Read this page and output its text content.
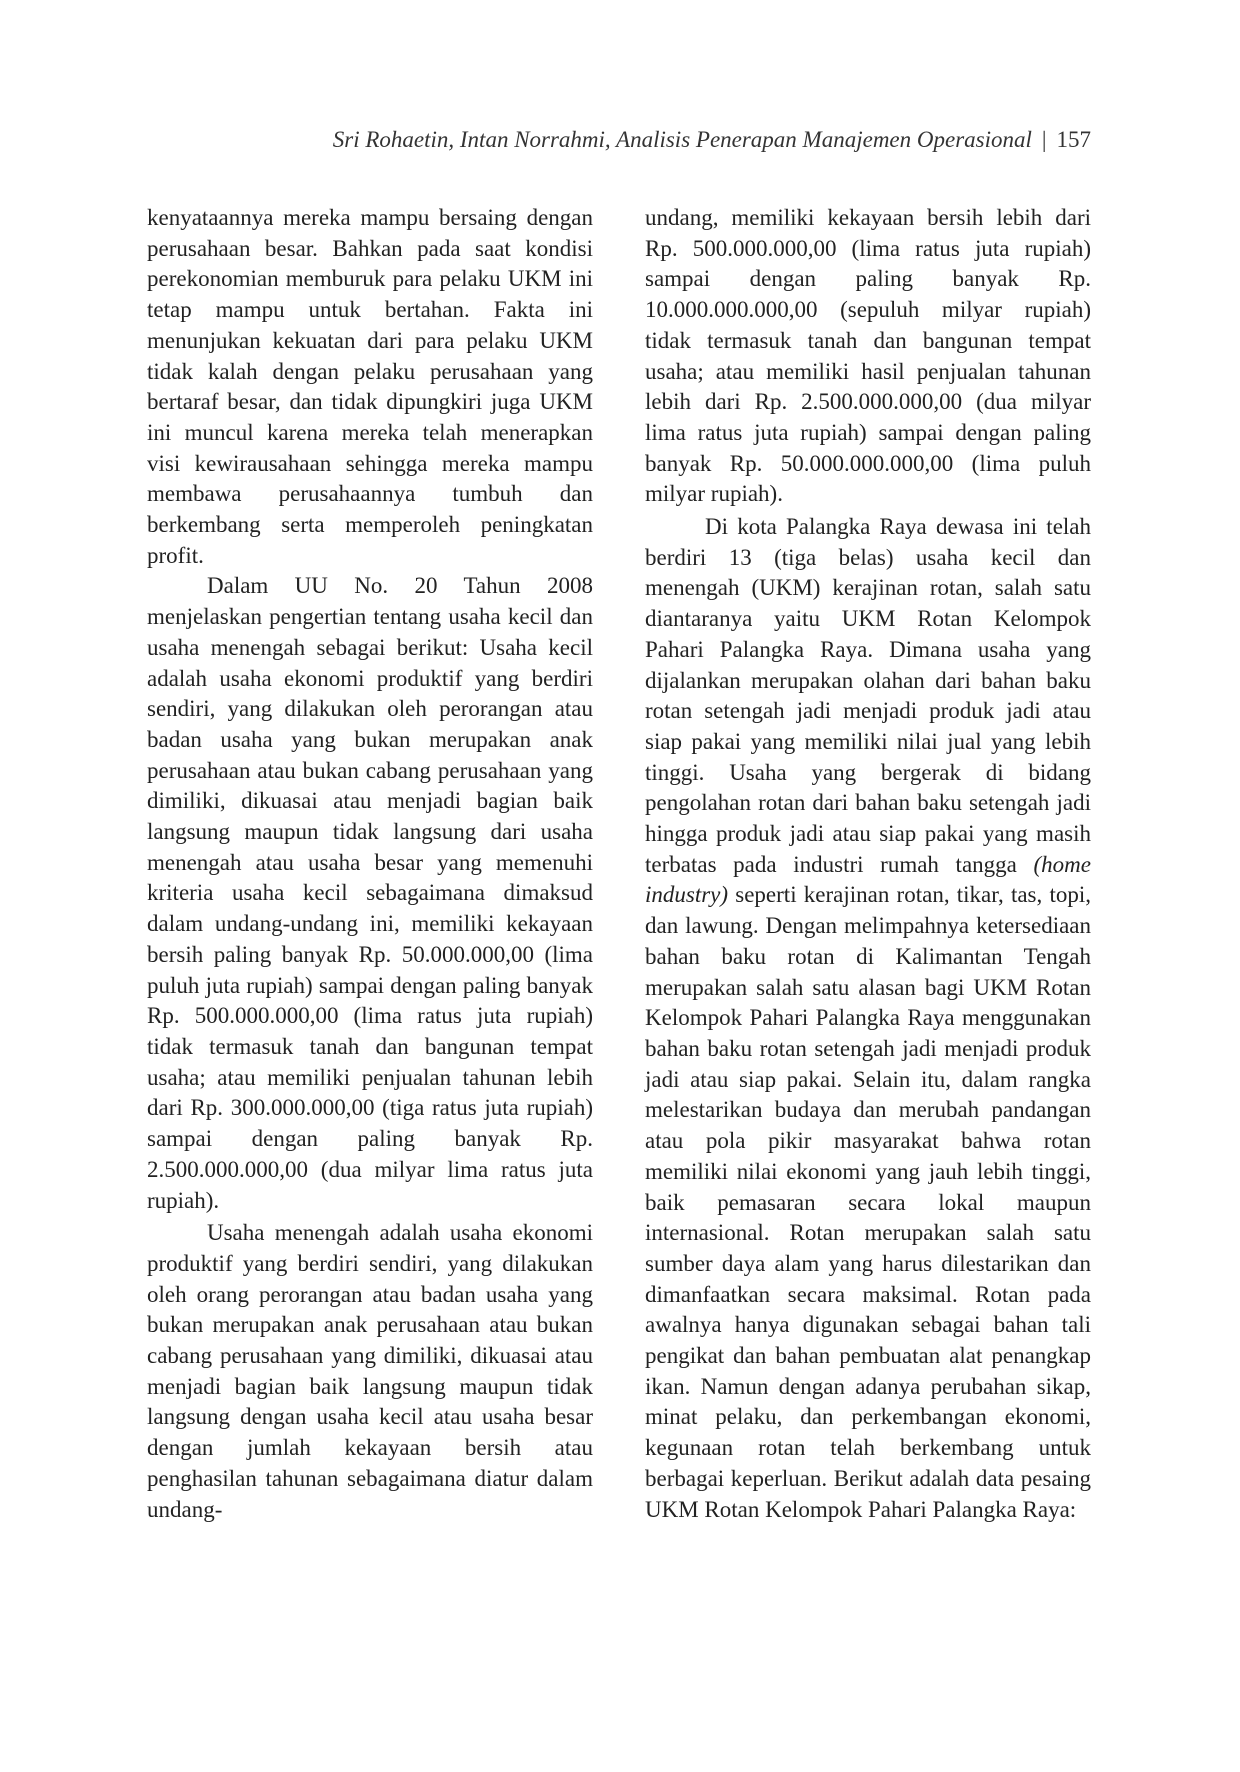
Sri Rohaetin, Intan Norrahmi, Analisis Penerapan Manajemen Operasional | 157

kenyataannya mereka mampu bersaing dengan perusahaan besar. Bahkan pada saat kondisi perekonomian memburuk para pelaku UKM ini tetap mampu untuk bertahan. Fakta ini menunjukan kekuatan dari para pelaku UKM tidak kalah dengan pelaku perusahaan yang bertaraf besar, dan tidak dipungkiri juga UKM ini muncul karena mereka telah menerapkan visi kewirausahaan sehingga mereka mampu membawa perusahaannya tumbuh dan berkembang serta memperoleh peningkatan profit.

Dalam UU No. 20 Tahun 2008 menjelaskan pengertian tentang usaha kecil dan usaha menengah sebagai berikut: Usaha kecil adalah usaha ekonomi produktif yang berdiri sendiri, yang dilakukan oleh perorangan atau badan usaha yang bukan merupakan anak perusahaan atau bukan cabang perusahaan yang dimiliki, dikuasai atau menjadi bagian baik langsung maupun tidak langsung dari usaha menengah atau usaha besar yang memenuhi kriteria usaha kecil sebagaimana dimaksud dalam undang-undang ini, memiliki kekayaan bersih paling banyak Rp. 50.000.000,00 (lima puluh juta rupiah) sampai dengan paling banyak Rp. 500.000.000,00 (lima ratus juta rupiah) tidak termasuk tanah dan bangunan tempat usaha; atau memiliki penjualan tahunan lebih dari Rp. 300.000.000,00 (tiga ratus juta rupiah) sampai dengan paling banyak Rp. 2.500.000.000,00 (dua milyar lima ratus juta rupiah).

Usaha menengah adalah usaha ekonomi produktif yang berdiri sendiri, yang dilakukan oleh orang perorangan atau badan usaha yang bukan merupakan anak perusahaan atau bukan cabang perusahaan yang dimiliki, dikuasai atau menjadi bagian baik langsung maupun tidak langsung dengan usaha kecil atau usaha besar dengan jumlah kekayaan bersih atau penghasilan tahunan sebagaimana diatur dalam undang-

undang, memiliki kekayaan bersih lebih dari Rp. 500.000.000,00 (lima ratus juta rupiah) sampai dengan paling banyak Rp. 10.000.000.000,00 (sepuluh milyar rupiah) tidak termasuk tanah dan bangunan tempat usaha; atau memiliki hasil penjualan tahunan lebih dari Rp. 2.500.000.000,00 (dua milyar lima ratus juta rupiah) sampai dengan paling banyak Rp. 50.000.000.000,00 (lima puluh milyar rupiah).

Di kota Palangka Raya dewasa ini telah berdiri 13 (tiga belas) usaha kecil dan menengah (UKM) kerajinan rotan, salah satu diantaranya yaitu UKM Rotan Kelompok Pahari Palangka Raya. Dimana usaha yang dijalankan merupakan olahan dari bahan baku rotan setengah jadi menjadi produk jadi atau siap pakai yang memiliki nilai jual yang lebih tinggi. Usaha yang bergerak di bidang pengolahan rotan dari bahan baku setengah jadi hingga produk jadi atau siap pakai yang masih terbatas pada industri rumah tangga (home industry) seperti kerajinan rotan, tikar, tas, topi, dan lawung. Dengan melimpahnya ketersediaan bahan baku rotan di Kalimantan Tengah merupakan salah satu alasan bagi UKM Rotan Kelompok Pahari Palangka Raya menggunakan bahan baku rotan setengah jadi menjadi produk jadi atau siap pakai. Selain itu, dalam rangka melestarikan budaya dan merubah pandangan atau pola pikir masyarakat bahwa rotan memiliki nilai ekonomi yang jauh lebih tinggi, baik pemasaran secara lokal maupun internasional. Rotan merupakan salah satu sumber daya alam yang harus dilestarikan dan dimanfaatkan secara maksimal. Rotan pada awalnya hanya digunakan sebagai bahan tali pengikat dan bahan pembuatan alat penangkap ikan. Namun dengan adanya perubahan sikap, minat pelaku, dan perkembangan ekonomi, kegunaan rotan telah berkembang untuk berbagai keperluan. Berikut adalah data pesaing UKM Rotan Kelompok Pahari Palangka Raya:
